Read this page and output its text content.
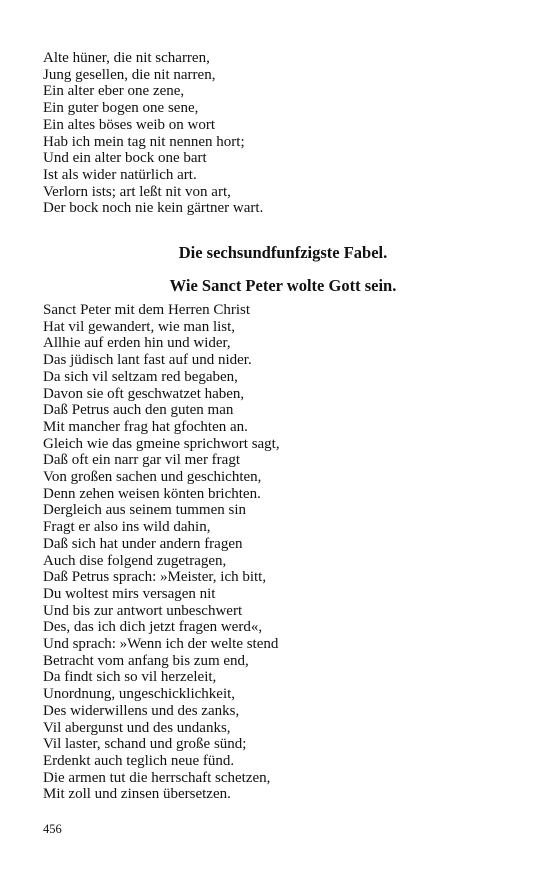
Alte hüner, die nit scharren,
Jung gesellen, die nit narren,
Ein alter eber one zene,
Ein guter bogen one sene,
Ein altes böses weib on wort
Hab ich mein tag nit nennen hort;
Und ein alter bock one bart
Ist als wider natürlich art.
Verlorn ists; art leßt nit von art,
Der bock noch nie kein gärtner wart.
Die sechsundfunfzigste Fabel.
Wie Sanct Peter wolte Gott sein.
Sanct Peter mit dem Herren Christ
Hat vil gewandert, wie man list,
Allhie auf erden hin und wider,
Das jüdisch lant fast auf und nider.
Da sich vil seltzam red begaben,
Davon sie oft geschwatzet haben,
Daß Petrus auch den guten man
Mit mancher frag hat gfochten an.
Gleich wie das gmeine sprichwort sagt,
Daß oft ein narr gar vil mer fragt
Von großen sachen und geschichten,
Denn zehen weisen könten brichten.
Dergleich aus seinem tummen sin
Fragt er also ins wild dahin,
Daß sich hat under andern fragen
Auch dise folgend zugetragen,
Daß Petrus sprach: »Meister, ich bitt,
Du woltest mirs versagen nit
Und bis zur antwort unbeschwert
Des, das ich dich jetzt fragen werd«,
Und sprach: »Wenn ich der welte stend
Betracht vom anfang bis zum end,
Da findt sich so vil herzeleit,
Unordnung, ungeschicklichkeit,
Des widerwillens und des zanks,
Vil abergunst und des undanks,
Vil laster, schand und große sünd;
Erdenkt auch teglich neue fünd.
Die armen tut die herrschaft schetzen,
Mit zoll und zinsen übersetzen.
456
